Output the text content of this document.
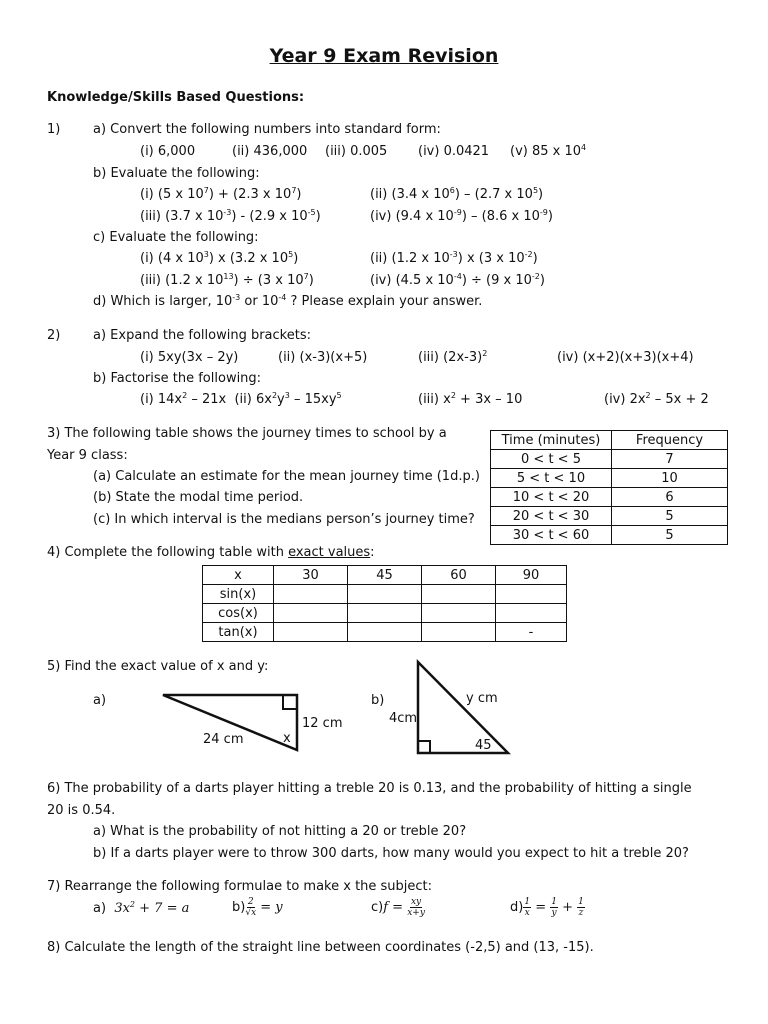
Year 9 Exam Revision
Knowledge/Skills Based Questions:
1)	a) Convert the following numbers into standard form:
(i) 6,000	(ii) 436,000 (iii) 0.005 (iv) 0.0421 (v) 85 x $10^4$
b) Evaluate the following:
(i) (5 x $10^7) + (2.3$ x $10^7$)	(ii) (3.4 x $10^6) - (2.7$ x $10^5$)
(iii) (3.7 x $10^{-3}) - (2.9$ x $10^{-5}$)	(iv) (9.4 x $10^{-9}) - (8.6$ x $10^{-9}$)
c) Evaluate the following:
(i) (4 x $10^3$) x (3.2 x $10^5$)	(ii) (1.2 x $10^{-3}$) x (3 x $10^{-2}$)
(iii) (1.2 x $10^{13}) \div (3$ x $10^7$)	(iv) (4.5 x $10^{-4}) \div (9$ x $10^{-2}$)
d) Which is larger, $10^{-3}$ or $10^{-4}$ ? Please explain your answer.
2)	a) Expand the following brackets:
(i) 5xy(3x – 2y)	(ii) (x-3)(x+5)	(iii) $(2x-3)^2$	(iv) (x+2)(x+3)(x+4)
b) Factorise the following:
(i) $14x^2 - 21x$  (ii) $6x^2y^3 - 15xy^5$	(iii) $x^2 + 3x - 10$	(iv) $2x^2 - 5x + 2$
3) The following table shows the journey times to school by a
Year 9 class:
(a) Calculate an estimate for the mean journey time (1d.p.)
(b) State the modal time period.
(c) In which interval is the medians person’s journey time?
Time (minutes)	Frequency
0 < t < 5	7
5 < t < 10	10
10 < t < 20	6
20 < t < 30	5
30 < t < 60	5
4) Complete the following table with exact values:
x	30	45	60	90
sin(x)				
cos(x)				
tan(x)				-
5) Find the exact value of x and y:
a)
24 cm
12 cm
x
b)
4cm
y cm
45
6) The probability of a darts player hitting a treble 20 is 0.13, and the probability of hitting a single
20 is 0.54.
a) What is the probability of not hitting a 20 or treble 20?
b) If a darts player were to throw 300 darts, how many would you expect to hit a treble 20?
7) Rearrange the following formulae to make x the subject:
a) $3x^2 + 7 = a$	$b) \frac{2}{√x} = y$	$c)f = \frac{xy}{x+y}$	$d) \frac{1}{x} = \frac{1}{y} + \frac{1}{z}$
8) Calculate the length of the straight line between coordinates (-2,5) and (13, -15).
